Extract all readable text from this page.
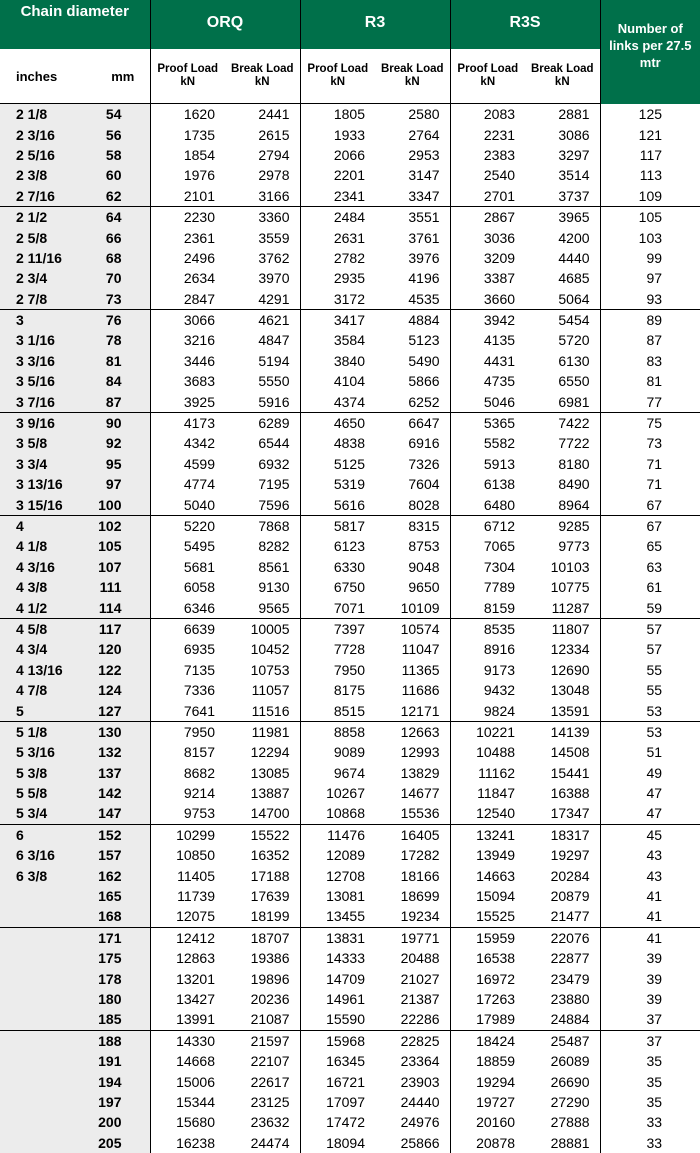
Chain diameter		ORQ		R3		R3S		Number of links per 27.5 mtr
inches	mm	Proof Load kN	Break Load kN	Proof Load kN	Break Load kN	Proof Load kN	Break Load kN	
2 1/8	54	1620	2441	1805	2580	2083	2881	125
2 3/16	56	1735	2615	1933	2764	2231	3086	121
2 5/16	58	1854	2794	2066	2953	2383	3297	117
2 3/8	60	1976	2978	2201	3147	2540	3514	113
2 7/16	62	2101	3166	2341	3347	2701	3737	109
2 1/2	64	2230	3360	2484	3551	2867	3965	105
2 5/8	66	2361	3559	2631	3761	3036	4200	103
2 11/16	68	2496	3762	2782	3976	3209	4440	99
2 3/4	70	2634	3970	2935	4196	3387	4685	97
2 7/8	73	2847	4291	3172	4535	3660	5064	93
3	76	3066	4621	3417	4884	3942	5454	89
3 1/16	78	3216	4847	3584	5123	4135	5720	87
3 3/16	81	3446	5194	3840	5490	4431	6130	83
3 5/16	84	3683	5550	4104	5866	4735	6550	81
3 7/16	87	3925	5916	4374	6252	5046	6981	77
3 9/16	90	4173	6289	4650	6647	5365	7422	75
3 5/8	92	4342	6544	4838	6916	5582	7722	73
3 3/4	95	4599	6932	5125	7326	5913	8180	71
3 13/16	97	4774	7195	5319	7604	6138	8490	71
3 15/16	100	5040	7596	5616	8028	6480	8964	67
4	102	5220	7868	5817	8315	6712	9285	67
4 1/8	105	5495	8282	6123	8753	7065	9773	65
4 3/16	107	5681	8561	6330	9048	7304	10103	63
4 3/8	111	6058	9130	6750	9650	7789	10775	61
4 1/2	114	6346	9565	7071	10109	8159	11287	59
4 5/8	117	6639	10005	7397	10574	8535	11807	57
4 3/4	120	6935	10452	7728	11047	8916	12334	57
4 13/16	122	7135	10753	7950	11365	9173	12690	55
4 7/8	124	7336	11057	8175	11686	9432	13048	55
5	127	7641	11516	8515	12171	9824	13591	53
5 1/8	130	7950	11981	8858	12663	10221	14139	53
5 3/16	132	8157	12294	9089	12993	10488	14508	51
5 3/8	137	8682	13085	9674	13829	11162	15441	49
5 5/8	142	9214	13887	10267	14677	11847	16388	47
5 3/4	147	9753	14700	10868	15536	12540	17347	47
6	152	10299	15522	11476	16405	13241	18317	45
6 3/16	157	10850	16352	12089	17282	13949	19297	43
6 3/8	162	11405	17188	12708	18166	14663	20284	43
	165	11739	17639	13081	18699	15094	20879	41
	168	12075	18199	13455	19234	15525	21477	41
	171	12412	18707	13831	19771	15959	22076	41
	175	12863	19386	14333	20488	16538	22877	39
	178	13201	19896	14709	21027	16972	23479	39
	180	13427	20236	14961	21387	17263	23880	39
	185	13991	21087	15590	22286	17989	24884	37
	188	14330	21597	15968	22825	18424	25487	37
	191	14668	22107	16345	23364	18859	26089	35
	194	15006	22617	16721	23903	19294	26690	35
	197	15344	23125	17097	24440	19727	27290	35
	200	15680	23632	17472	24976	20160	27888	33
	205	16238	24474	18094	25866	20878	28881	33
